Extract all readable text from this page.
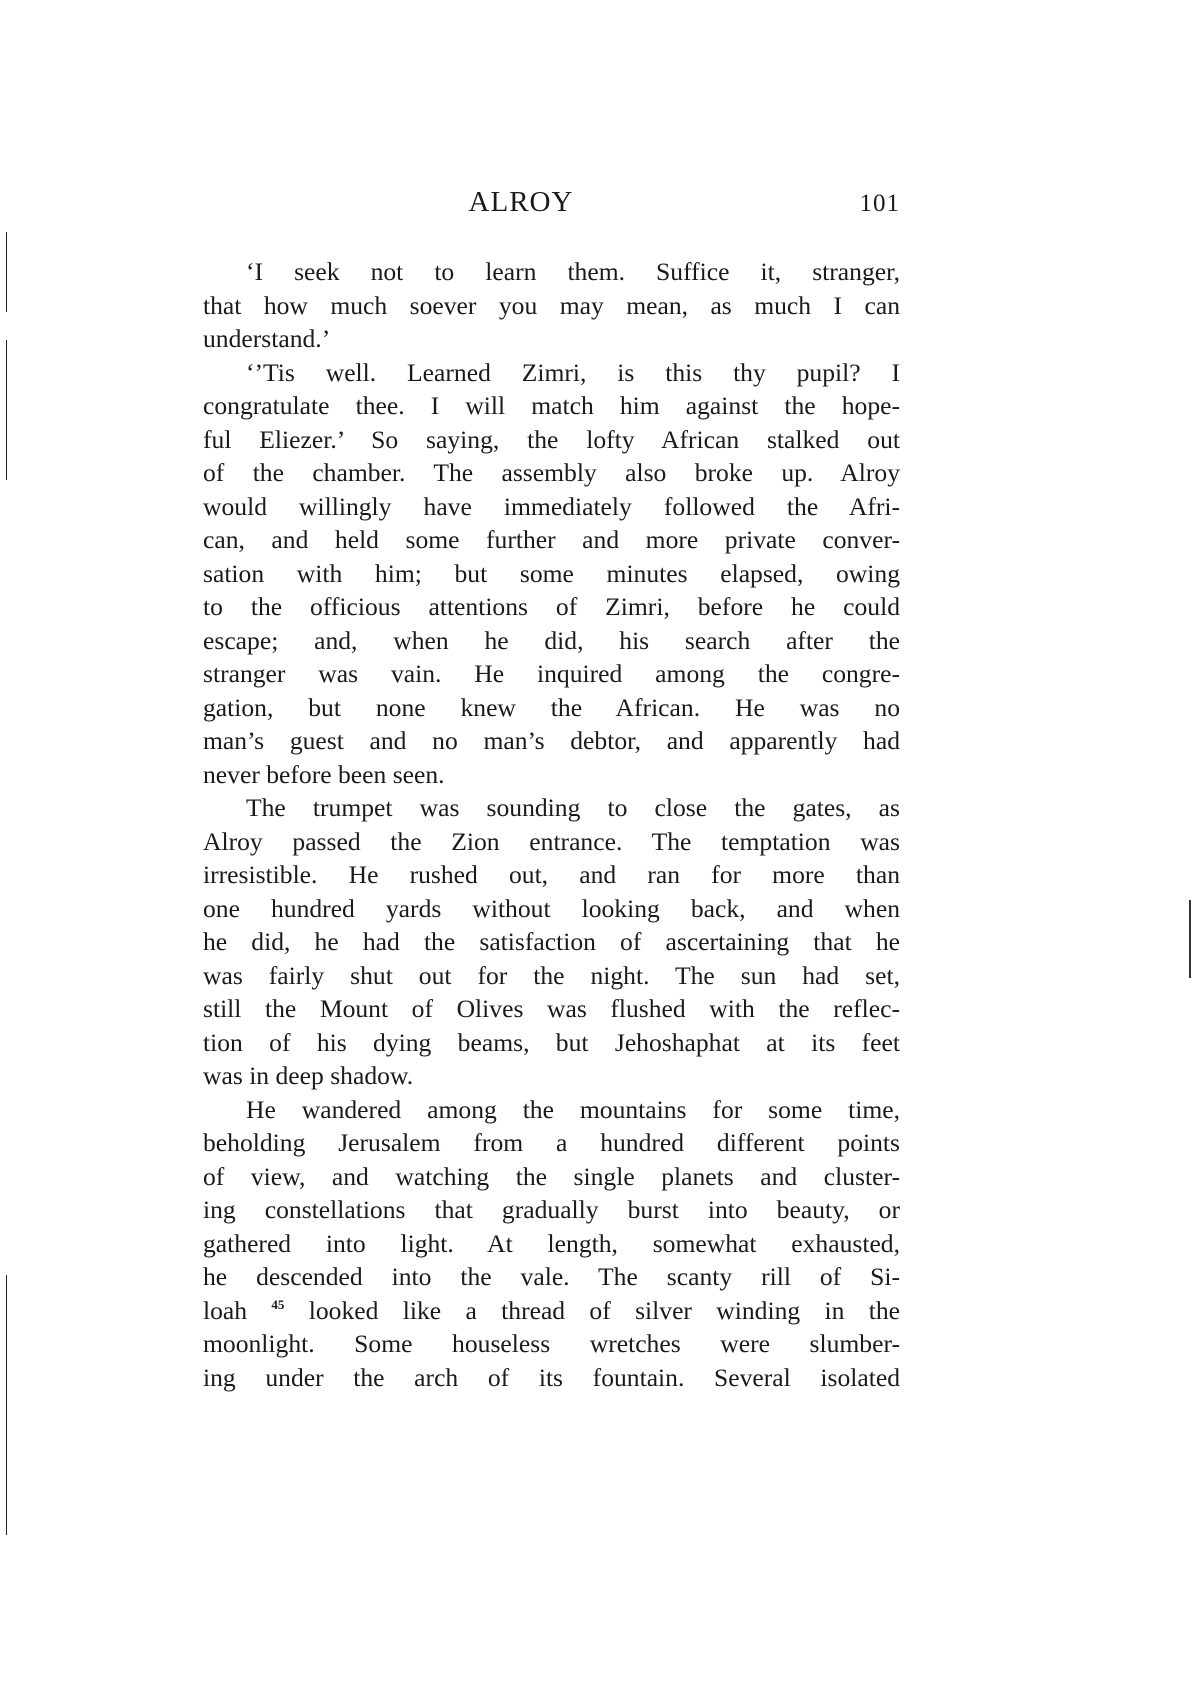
ALROY	101
‘I seek not to learn them. Suffice it, stranger,
that how much soever you may mean, as much I can
understand.’
‘’Tis well. Learned Zimri, is this thy pupil? I
congratulate thee. I will match him against the hope-
ful Eliezer.’ So saying, the lofty African stalked out
of the chamber. The assembly also broke up. Alroy
would willingly have immediately followed the Afri-
can, and held some further and more private conver-
sation with him; but some minutes elapsed, owing
to the officious attentions of Zimri, before he could
escape; and, when he did, his search after the
stranger was vain. He inquired among the congre-
gation, but none knew the African. He was no
man’s guest and no man’s debtor, and apparently had
never before been seen.
The trumpet was sounding to close the gates, as
Alroy passed the Zion entrance. The temptation was
irresistible. He rushed out, and ran for more than
one hundred yards without looking back, and when
he did, he had the satisfaction of ascertaining that he
was fairly shut out for the night. The sun had set,
still the Mount of Olives was flushed with the reflec-
tion of his dying beams, but Jehoshaphat at its feet
was in deep shadow.
He wandered among the mountains for some time,
beholding Jerusalem from a hundred different points
of view, and watching the single planets and cluster-
ing constellations that gradually burst into beauty, or
gathered into light. At length, somewhat exhausted,
he descended into the vale. The scanty rill of Si-
loah $^{45}$ looked like a thread of silver winding in the
moonlight. Some houseless wretches were slumber-
ing under the arch of its fountain. Several isolated
